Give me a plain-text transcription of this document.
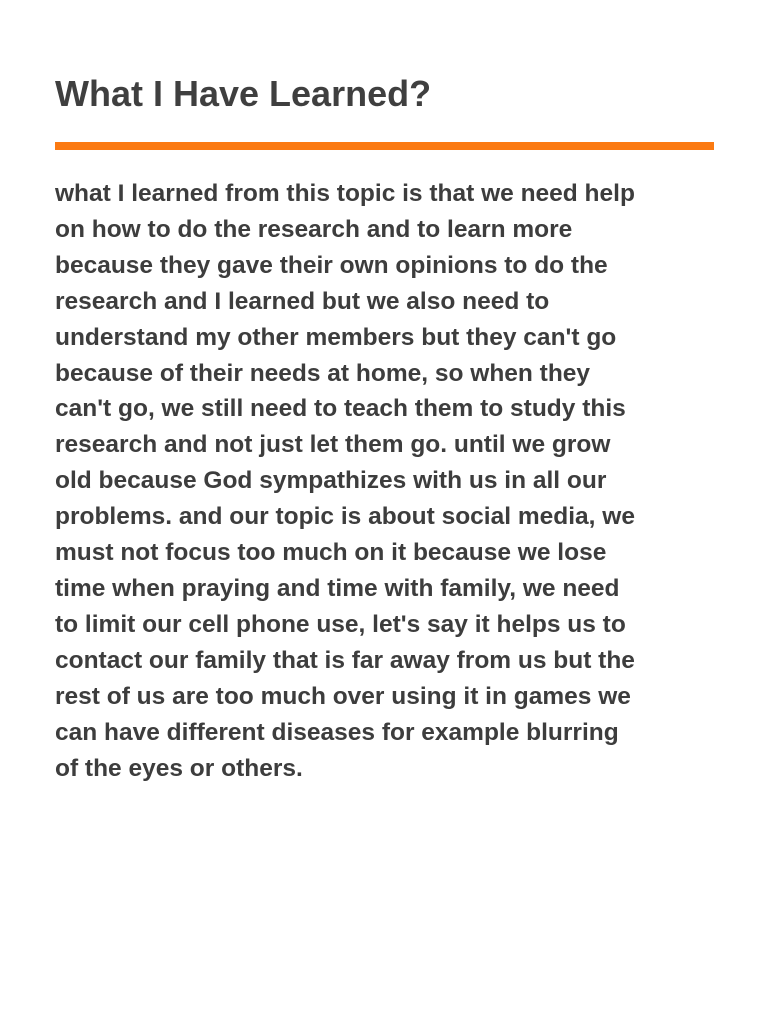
What I Have Learned?

what I learned from this topic is that we need help
on how to do the research and to learn more
because they gave their own opinions to do the
research and I learned but we also need to
understand my other members but they can't go
because of their needs at home, so when they
can't go, we still need to teach them to study this
research and not just let them go. until we grow
old because God sympathizes with us in all our
problems. and our topic is about social media, we
must not focus too much on it because we lose
time when praying and time with family, we need
to limit our cell phone use, let's say it helps us to
contact our family that is far away from us but the
rest of us are too much over using it in games we
can have different diseases for example blurring
of the eyes or others.
